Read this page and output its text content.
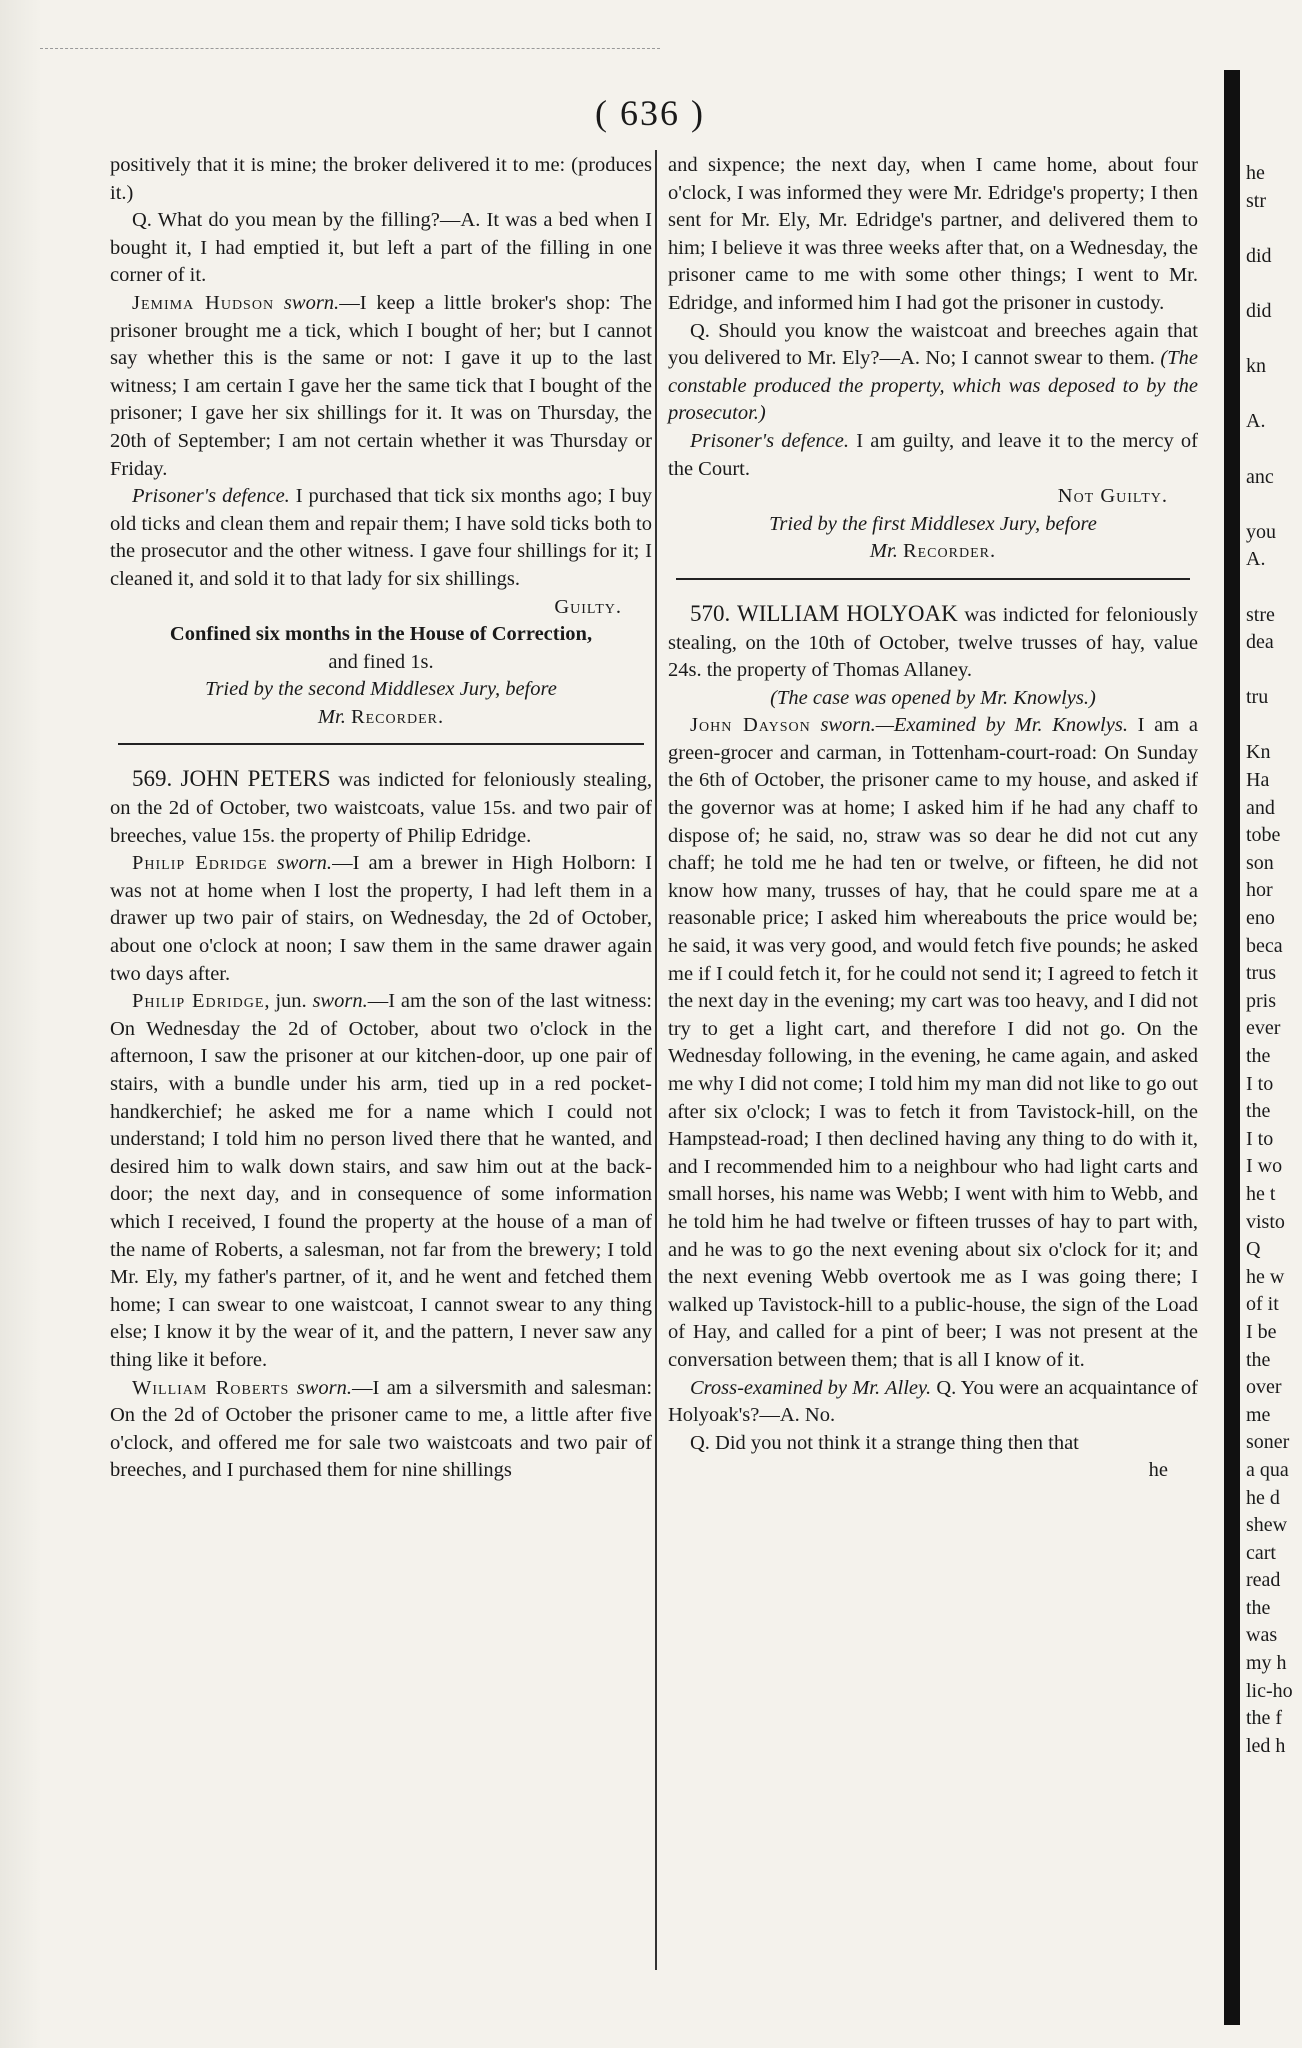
( 636 )

positively that it is mine; the broker delivered it to me: (produces it.)

Q. What do you mean by the filling?—A. It was a bed when I bought it, I had emptied it, but left a part of the filling in one corner of it.

Jemima Hudson sworn.—I keep a little broker's shop: The prisoner brought me a tick, which I bought of her; but I cannot say whether this is the same or not: I gave it up to the last witness; I am certain I gave her the same tick that I bought of the prisoner; I gave her six shillings for it. It was on Thursday, the 20th of September; I am not certain whether it was Thursday or Friday.

Prisoner's defence. I purchased that tick six months ago; I buy old ticks and clean them and repair them; I have sold ticks both to the prosecutor and the other witness. I gave four shillings for it; I cleaned it, and sold it to that lady for six shillings.

Guilty.
Confined six months in the House of Correction,
and fined 1s.
Tried by the second Middlesex Jury, before
Mr. Recorder.

569. JOHN PETERS was indicted for feloniously stealing, on the 2d of October, two waistcoats, value 15s. and two pair of breeches, value 15s. the property of Philip Edridge.

Philip Edridge sworn.—I am a brewer in High Holborn: I was not at home when I lost the property, I had left them in a drawer up two pair of stairs, on Wednesday, the 2d of October, about one o'clock at noon; I saw them in the same drawer again two days after.

Philip Edridge, jun. sworn.—I am the son of the last witness: On Wednesday the 2d of October, about two o'clock in the afternoon, I saw the prisoner at our kitchen-door, up one pair of stairs, with a bundle under his arm, tied up in a red pocket-handkerchief; he asked me for a name which I could not understand; I told him no person lived there that he wanted, and desired him to walk down stairs, and saw him out at the back-door; the next day, and in consequence of some information which I received, I found the property at the house of a man of the name of Roberts, a salesman, not far from the brewery; I told Mr. Ely, my father's partner, of it, and he went and fetched them home; I can swear to one waistcoat, I cannot swear to any thing else; I know it by the wear of it, and the pattern, I never saw any thing like it before.

William Roberts sworn.—I am a silversmith and salesman: On the 2d of October the prisoner came to me, a little after five o'clock, and offered me for sale two waistcoats and two pair of breeches, and I purchased them for nine shillings

and sixpence; the next day, when I came home, about four o'clock, I was informed they were Mr. Edridge's property; I then sent for Mr. Ely, Mr. Edridge's partner, and delivered them to him; I believe it was three weeks after that, on a Wednesday, the prisoner came to me with some other things; I went to Mr. Edridge, and informed him I had got the prisoner in custody.

Q. Should you know the waistcoat and breeches again that you delivered to Mr. Ely?—A. No; I cannot swear to them. (The constable produced the property, which was deposed to by the prosecutor.)

Prisoner's defence. I am guilty, and leave it to the mercy of the Court.

Not Guilty.
Tried by the first Middlesex Jury, before
Mr. Recorder.

570. WILLIAM HOLYOAK was indicted for feloniously stealing, on the 10th of October, twelve trusses of hay, value 24s. the property of Thomas Allaney.

(The case was opened by Mr. Knowlys.)

John Dayson sworn.—Examined by Mr. Knowlys. I am a green-grocer and carman, in Tottenham-court-road: On Sunday the 6th of October, the prisoner came to my house, and asked if the governor was at home; I asked him if he had any chaff to dispose of; he said, no, straw was so dear he did not cut any chaff; he told me he had ten or twelve, or fifteen, he did not know how many, trusses of hay, that he could spare me at a reasonable price; I asked him whereabouts the price would be; he said, it was very good, and would fetch five pounds; he asked me if I could fetch it, for he could not send it; I agreed to fetch it the next day in the evening; my cart was too heavy, and I did not try to get a light cart, and therefore I did not go. On the Wednesday following, in the evening, he came again, and asked me why I did not come; I told him my man did not like to go out after six o'clock; I was to fetch it from Tavistock-hill, on the Hampstead-road; I then declined having any thing to do with it, and I recommended him to a neighbour who had light carts and small horses, his name was Webb; I went with him to Webb, and he told him he had twelve or fifteen trusses of hay to part with, and he was to go the next evening about six o'clock for it; and the next evening Webb overtook me as I was going there; I walked up Tavistock-hill to a public-house, the sign of the Load of Hay, and called for a pint of beer; I was not present at the conversation between them; that is all I know of it.

Cross-examined by Mr. Alley. Q. You were an acquaintance of Holyoak's?—A. No.

Q. Did you not think it a strange thing then that

he
he
str
did
did
kn
A.
anc
you
A.
stre
dea
tru
Kn
Ha
and
tobe
son
hor
eno
beca
trus
pris
ever
the
I to
the
I to
I wo
he t
visto
Q
he w
of it
I be
the
over
me
soner
a qua
he d
shew
cart
read
the
was
my h
lic-ho
the f
led h
